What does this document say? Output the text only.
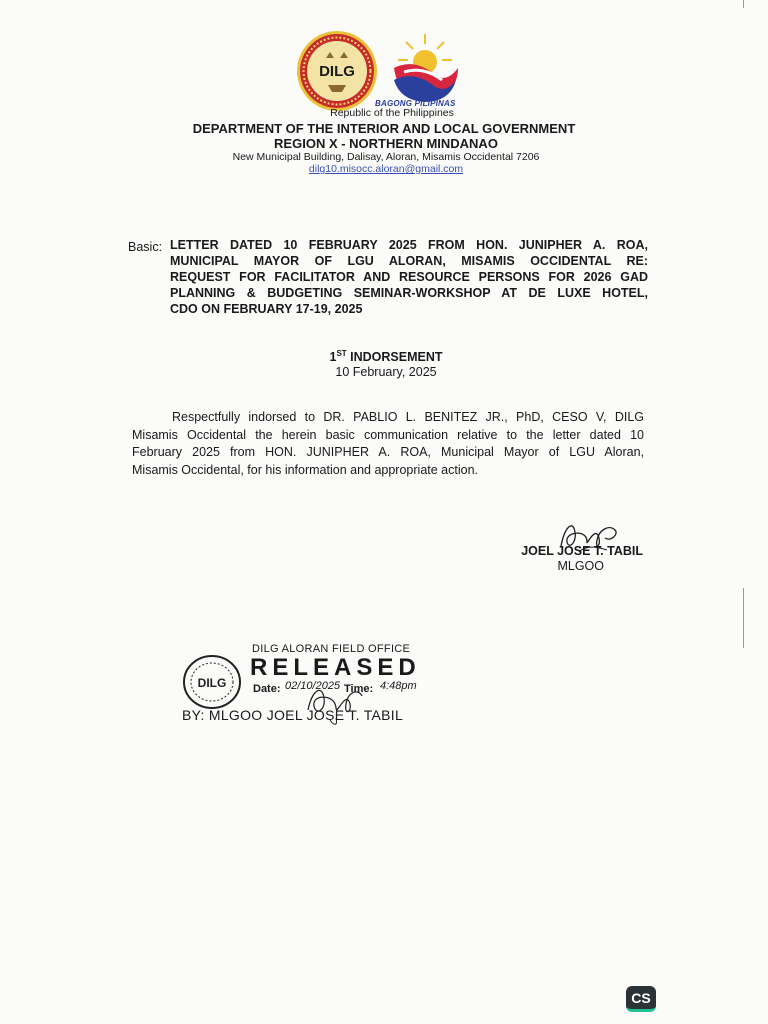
DILG
BAGONG PILIPINAS
Republic of the Philippines
DEPARTMENT OF THE INTERIOR AND LOCAL GOVERNMENT
REGION X - NORTHERN MINDANAO
New Municipal Building, Dalisay, Aloran, Misamis Occidental 7206
dilg10.misocc.aloran@gmail.com
Basic: LETTER DATED 10 FEBRUARY 2025 FROM HON. JUNIPHER A. ROA,
MUNICIPAL MAYOR OF LGU ALORAN, MISAMIS OCCIDENTAL RE:
REQUEST FOR FACILITATOR AND RESOURCE PERSONS FOR 2026 GAD
PLANNING & BUDGETING SEMINAR-WORKSHOP AT DE LUXE HOTEL,
CDO ON FEBRUARY 17-19, 2025
1ST INDORSEMENT
10 February, 2025
Respectfully indorsed to DR. PABLIO L. BENITEZ JR., PhD, CESO V, DILG
Misamis Occidental the herein basic communication relative to the letter dated 10
February 2025 from HON. JUNIPHER A. ROA, Municipal Mayor of LGU Aloran,
Misamis Occidental, for his information and appropriate action.
JOEL JOSE T. TABIL
MLGOO
DILG
DILG ALORAN FIELD OFFICE
RELEASED
Date: 02/10/2025 Time: 4:48pm
BY: MLGOO JOEL JOSE T. TABIL
CS
